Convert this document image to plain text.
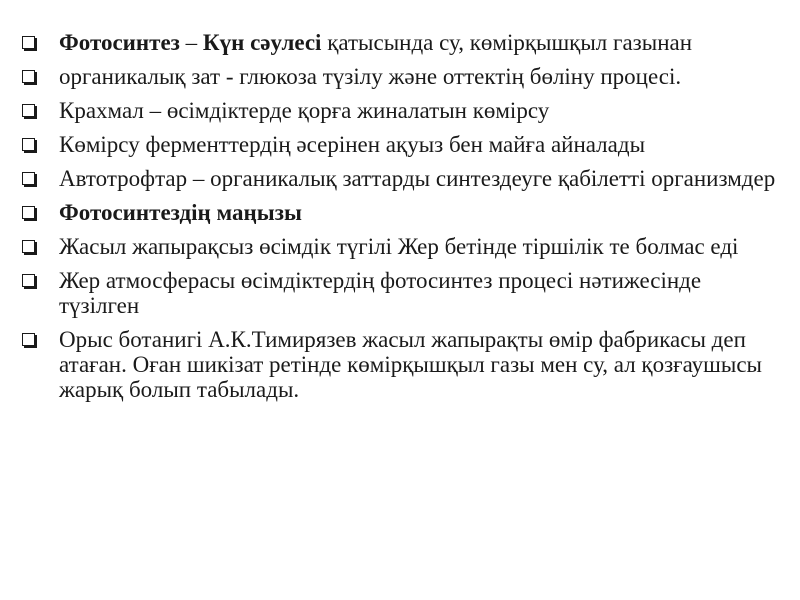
Фотосинтез – Күн сәулесі қатысында су, көмірқышқыл газынан
органикалық зат - глюкоза түзілу және оттектің бөліну процесі.
Крахмал – өсімдіктерде қорға жиналатын көмірсу
Көмірсу ферменттердің әсерінен ақуыз бен майға айналады
Автотрофтар – органикалық заттарды синтездеуге қабілетті организмдер
Фотосинтездің маңызы
Жасыл жапырақсыз өсімдік түгілі Жер бетінде тіршілік те болмас еді
Жер атмосферасы өсімдіктердің фотосинтез процесі нәтижесінде түзілген
Орыс ботанигі А.К.Тимирязев жасыл жапырақты өмір фабрикасы деп атаған. Оған шикізат ретінде көмірқышқыл газы мен су, ал қозғаушысы жарық болып табылады.
